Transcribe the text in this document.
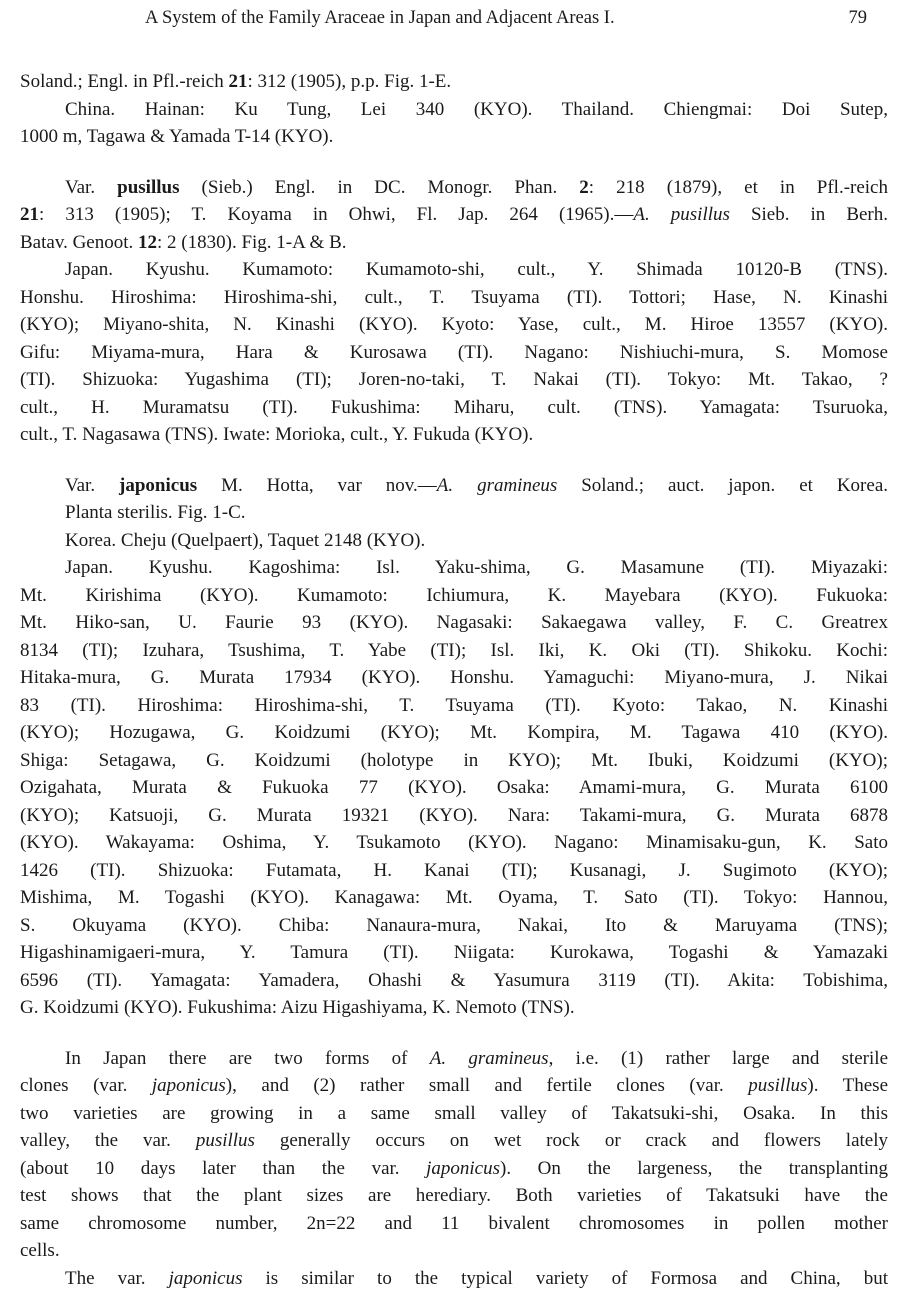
A System of the Family Araceae in Japan and Adjacent Areas I.	79
Soland.; Engl. in Pfl.-reich 21: 312 (1905), p.p. Fig. 1-E.
China. Hainan: Ku Tung, Lei 340 (KYO). Thailand. Chiengmai: Doi Sutep,
1000 m, Tagawa & Yamada T-14 (KYO).
Var. pusillus (Sieb.) Engl. in DC. Monogr. Phan. 2: 218 (1879), et in Pfl.-reich
21: 313 (1905); T. Koyama in Ohwi, Fl. Jap. 264 (1965).—A. pusillus Sieb. in Berh.
Batav. Genoot. 12: 2 (1830). Fig. 1-A & B.
Japan. Kyushu. Kumamoto: Kumamoto-shi, cult., Y. Shimada 10120-B (TNS).
Honshu. Hiroshima: Hiroshima-shi, cult., T. Tsuyama (TI). Tottori; Hase, N. Kinashi
(KYO); Miyano-shita, N. Kinashi (KYO). Kyoto: Yase, cult., M. Hiroe 13557 (KYO).
Gifu: Miyama-mura, Hara & Kurosawa (TI). Nagano: Nishiuchi-mura, S. Momose
(TI). Shizuoka: Yugashima (TI); Joren-no-taki, T. Nakai (TI). Tokyo: Mt. Takao, ?
cult., H. Muramatsu (TI). Fukushima: Miharu, cult. (TNS). Yamagata: Tsuruoka,
cult., T. Nagasawa (TNS). Iwate: Morioka, cult., Y. Fukuda (KYO).
Var. japonicus M. Hotta, var nov.—A. gramineus Soland.; auct. japon. et Korea.
Planta sterilis. Fig. 1-C.
Korea. Cheju (Quelpaert), Taquet 2148 (KYO).
Japan. Kyushu. Kagoshima: Isl. Yaku-shima, G. Masamune (TI). Miyazaki:
Mt. Kirishima (KYO). Kumamoto: Ichiumura, K. Mayebara (KYO). Fukuoka:
Mt. Hiko-san, U. Faurie 93 (KYO). Nagasaki: Sakaegawa valley, F. C. Greatrex
8134 (TI); Izuhara, Tsushima, T. Yabe (TI); Isl. Iki, K. Oki (TI). Shikoku. Kochi:
Hitaka-mura, G. Murata 17934 (KYO). Honshu. Yamaguchi: Miyano-mura, J. Nikai
83 (TI). Hiroshima: Hiroshima-shi, T. Tsuyama (TI). Kyoto: Takao, N. Kinashi
(KYO); Hozugawa, G. Koidzumi (KYO); Mt. Kompira, M. Tagawa 410 (KYO).
Shiga: Setagawa, G. Koidzumi (holotype in KYO); Mt. Ibuki, Koidzumi (KYO);
Ozigahata, Murata & Fukuoka 77 (KYO). Osaka: Amami-mura, G. Murata 6100
(KYO); Katsuoji, G. Murata 19321 (KYO). Nara: Takami-mura, G. Murata 6878
(KYO). Wakayama: Oshima, Y. Tsukamoto (KYO). Nagano: Minamisaku-gun, K. Sato
1426 (TI). Shizuoka: Futamata, H. Kanai (TI); Kusanagi, J. Sugimoto (KYO);
Mishima, M. Togashi (KYO). Kanagawa: Mt. Oyama, T. Sato (TI). Tokyo: Hannou,
S. Okuyama (KYO). Chiba: Nanaura-mura, Nakai, Ito & Maruyama (TNS);
Higashinamigaeri-mura, Y. Tamura (TI). Niigata: Kurokawa, Togashi & Yamazaki
6596 (TI). Yamagata: Yamadera, Ohashi & Yasumura 3119 (TI). Akita: Tobishima,
G. Koidzumi (KYO). Fukushima: Aizu Higashiyama, K. Nemoto (TNS).
In Japan there are two forms of A. gramineus, i.e. (1) rather large and sterile
clones (var. japonicus), and (2) rather small and fertile clones (var. pusillus). These
two varieties are growing in a same small valley of Takatsuki-shi, Osaka. In this
valley, the var. pusillus generally occurs on wet rock or crack and flowers lately
(about 10 days later than the var. japonicus). On the largeness, the transplanting
test shows that the plant sizes are herediary. Both varieties of Takatsuki have the
same chromosome number, 2n=22 and 11 bivalent chromosomes in pollen mother
cells.
The var. japonicus is similar to the typical variety of Formosa and China, but
